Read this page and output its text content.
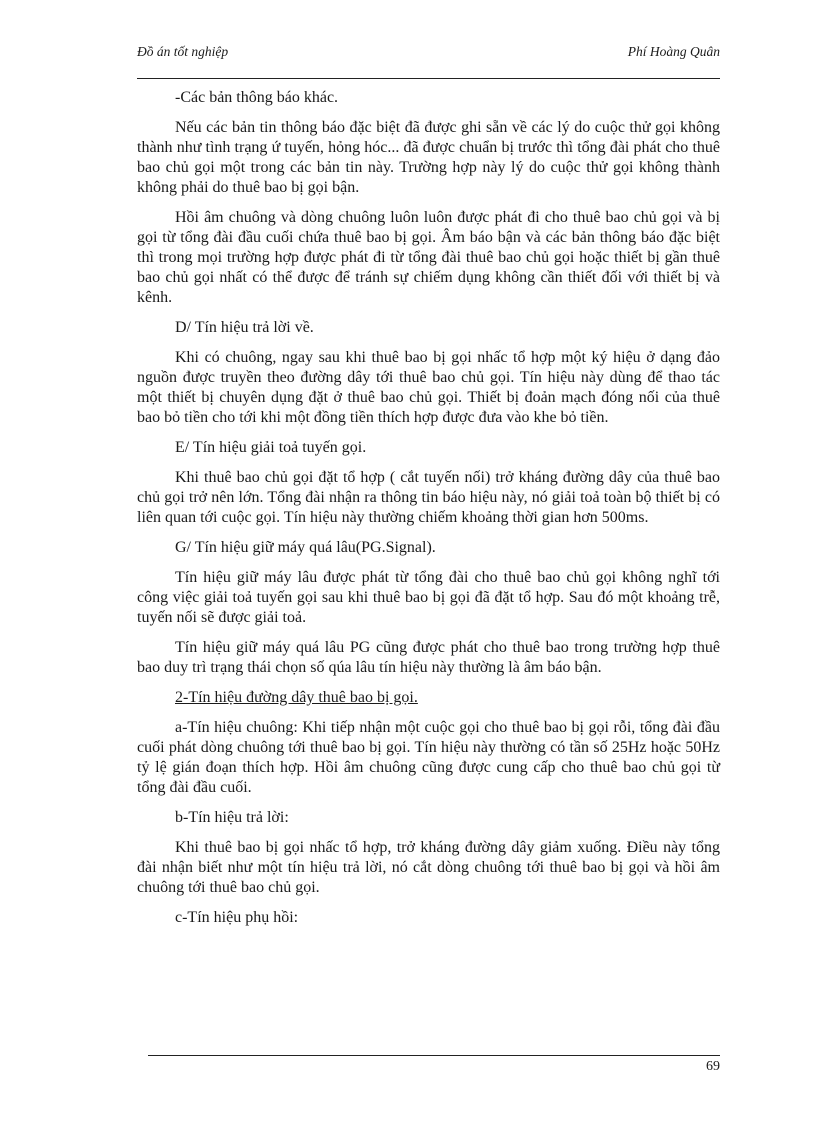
Đồ án tốt nghiệp	Phí Hoàng Quân

-Các bản thông báo khác.

Nếu các bản tin thông báo đặc biệt đã được ghi sẵn về các lý do cuộc thử gọi không thành như tình trạng ứ tuyến, hỏng hóc... đã được chuẩn bị trước thì tổng đài phát cho thuê bao chủ gọi một trong các bản tin này. Trường hợp này lý do cuộc thử gọi không thành không phải do thuê bao bị gọi bận.

Hồi âm chuông và dòng chuông luôn luôn được phát đi cho thuê bao chủ gọi và bị gọi từ tổng đài đầu cuối chứa thuê bao bị gọi. Âm báo bận và các bản thông báo đặc biệt thì trong mọi trường hợp được phát đi từ tổng đài thuê bao chủ gọi hoặc thiết bị gần thuê bao chủ gọi nhất có thể được để tránh sự chiếm dụng không cần thiết đối với thiết bị và kênh.

D/ Tín hiệu trả lời về.

Khi có chuông, ngay sau khi thuê bao bị gọi nhấc tổ hợp một ký hiệu ở dạng đảo nguồn được truyền theo đường dây tới thuê bao chủ gọi. Tín hiệu này dùng để thao tác một thiết bị chuyên dụng đặt ở thuê bao chủ gọi. Thiết bị đoản mạch đóng nối của thuê bao bỏ tiền cho tới khi một đồng tiền thích hợp được đưa vào khe bỏ tiền.

E/ Tín hiệu giải toả tuyến gọi.

Khi thuê bao chủ gọi đặt tổ hợp ( cắt tuyến nối) trở kháng đường dây của thuê bao chủ gọi trở nên lớn. Tổng đài nhận ra thông tin báo hiệu này, nó giải toả toàn bộ thiết bị có liên quan tới cuộc gọi. Tín hiệu này thường chiếm khoảng thời gian hơn 500ms.

G/ Tín hiệu giữ máy quá lâu(PG.Signal).

Tín hiệu giữ máy lâu được phát từ tổng đài cho thuê bao chủ gọi không nghĩ tới công việc giải toả tuyến gọi sau khi thuê bao bị gọi đã đặt tổ hợp. Sau đó một khoảng trễ, tuyến nối sẽ được giải toả.

Tín hiệu giữ máy quá lâu PG cũng được phát cho thuê bao trong trường hợp thuê bao duy trì trạng thái chọn số qúa lâu tín hiệu này thường là âm báo bận.

2-Tín hiệu đường dây thuê bao bị gọi.

a-Tín hiệu chuông: Khi tiếp nhận một cuộc gọi cho thuê bao bị gọi rỗi, tổng đài đầu cuối phát dòng chuông tới thuê bao bị gọi. Tín hiệu này thường có tần số 25Hz hoặc 50Hz tỷ lệ gián đoạn thích hợp. Hồi âm chuông cũng được cung cấp cho thuê bao chủ gọi từ tổng đài đầu cuối.

b-Tín hiệu trả lời:

Khi thuê bao bị gọi nhấc tổ hợp, trở kháng đường dây giảm xuống. Điều này tổng đài nhận biết như một tín hiệu trả lời, nó cắt dòng chuông tới thuê bao bị gọi và hồi âm chuông tới thuê bao chủ gọi.

c-Tín hiệu phụ hồi:

69
